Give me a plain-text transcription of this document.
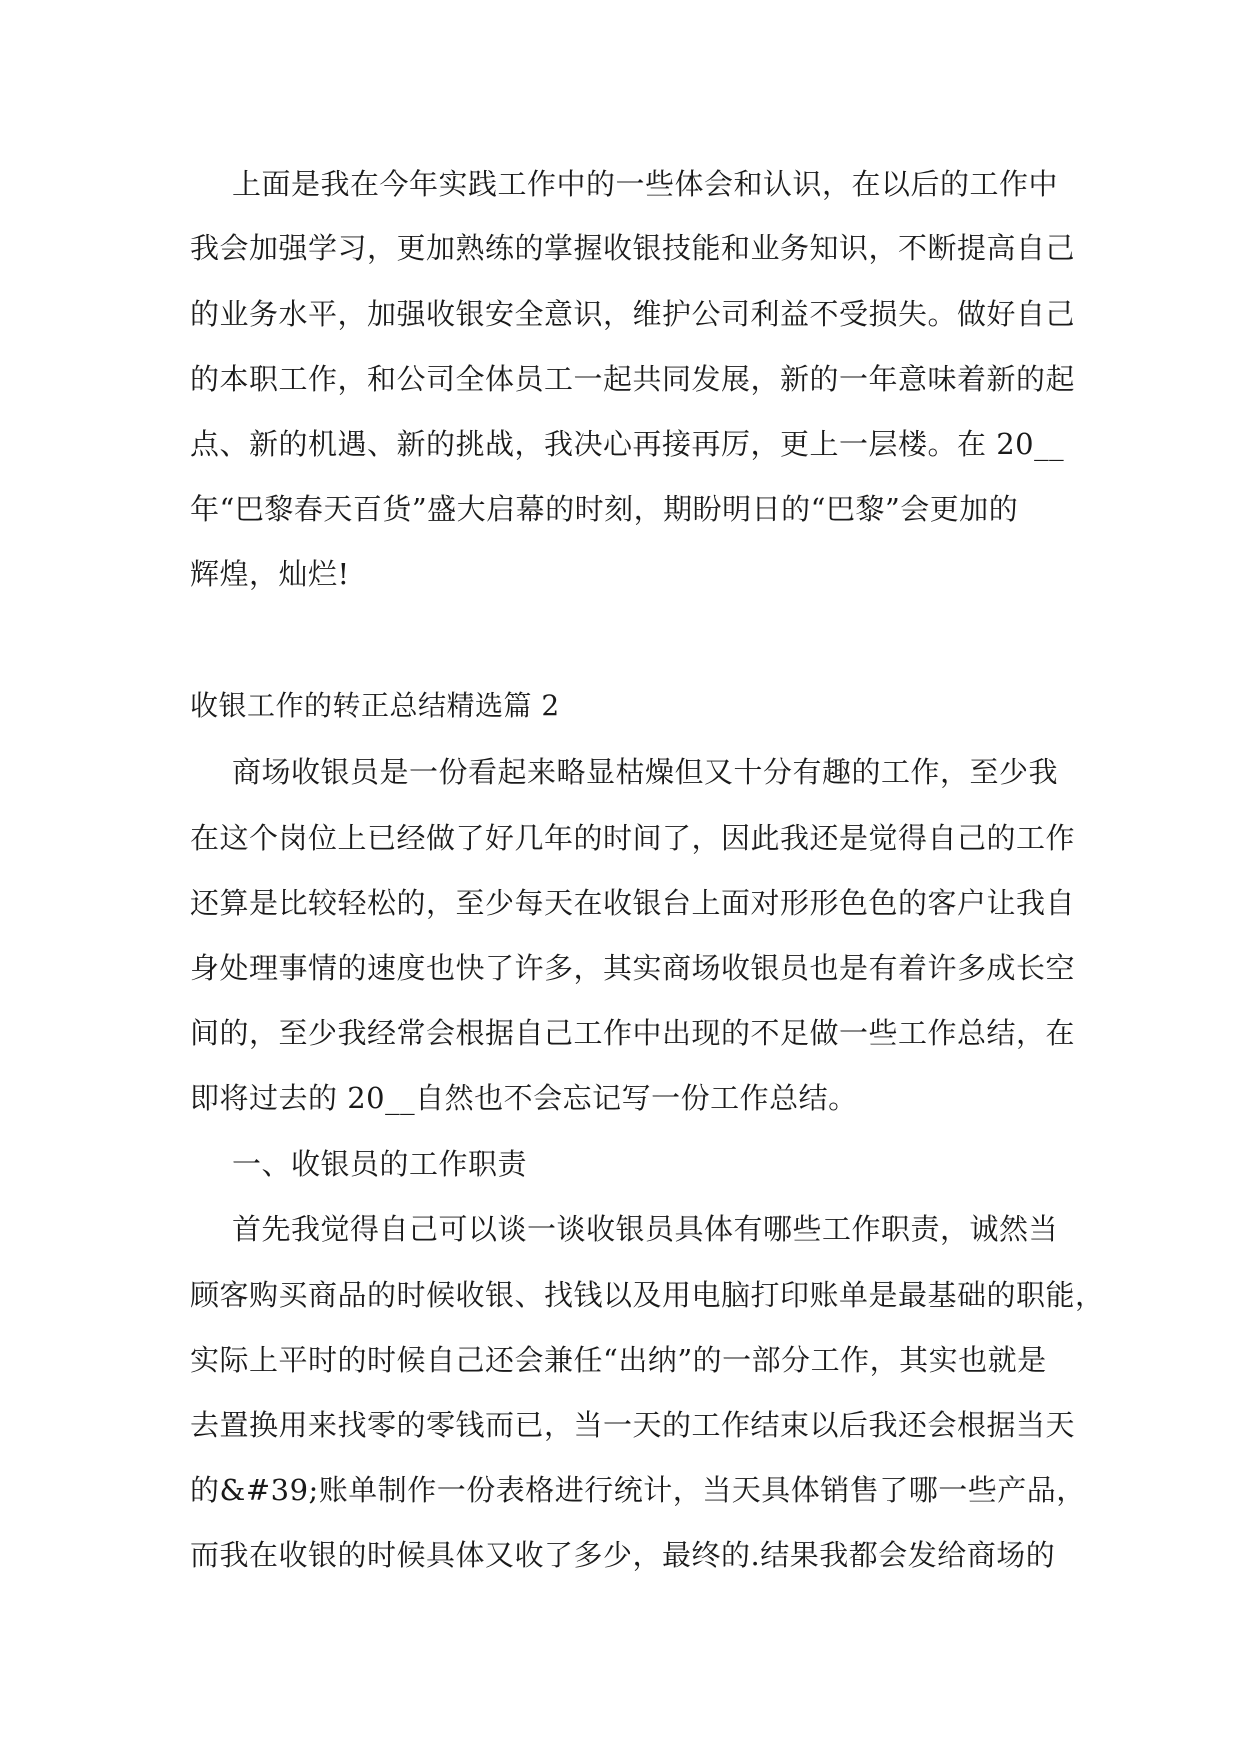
上面是我在今年实践工作中的一些体会和认识，在以后的工作中
我会加强学习，更加熟练的掌握收银技能和业务知识，不断提高自己
的业务水平，加强收银安全意识，维护公司利益不受损失。做好自己
的本职工作，和公司全体员工一起共同发展，新的一年意味着新的起
点、新的机遇、新的挑战，我决心再接再厉，更上一层楼。在 20__
年“巴黎春天百货”盛大启幕的时刻，期盼明日的“巴黎”会更加的
辉煌，灿烂!
收银工作的转正总结精选篇 2
商场收银员是一份看起来略显枯燥但又十分有趣的工作，至少我
在这个岗位上已经做了好几年的时间了，因此我还是觉得自己的工作
还算是比较轻松的，至少每天在收银台上面对形形色色的客户让我自
身处理事情的速度也快了许多，其实商场收银员也是有着许多成长空
间的，至少我经常会根据自己工作中出现的不足做一些工作总结，在
即将过去的 20__自然也不会忘记写一份工作总结。
一、收银员的工作职责
首先我觉得自己可以谈一谈收银员具体有哪些工作职责，诚然当
顾客购买商品的时候收银、找钱以及用电脑打印账单是最基础的职能，
实际上平时的时候自己还会兼任“出纳”的一部分工作，其实也就是
去置换用来找零的零钱而已，当一天的工作结束以后我还会根据当天
的&#39;账单制作一份表格进行统计，当天具体销售了哪一些产品，
而我在收银的时候具体又收了多少，最终的.结果我都会发给商场的
